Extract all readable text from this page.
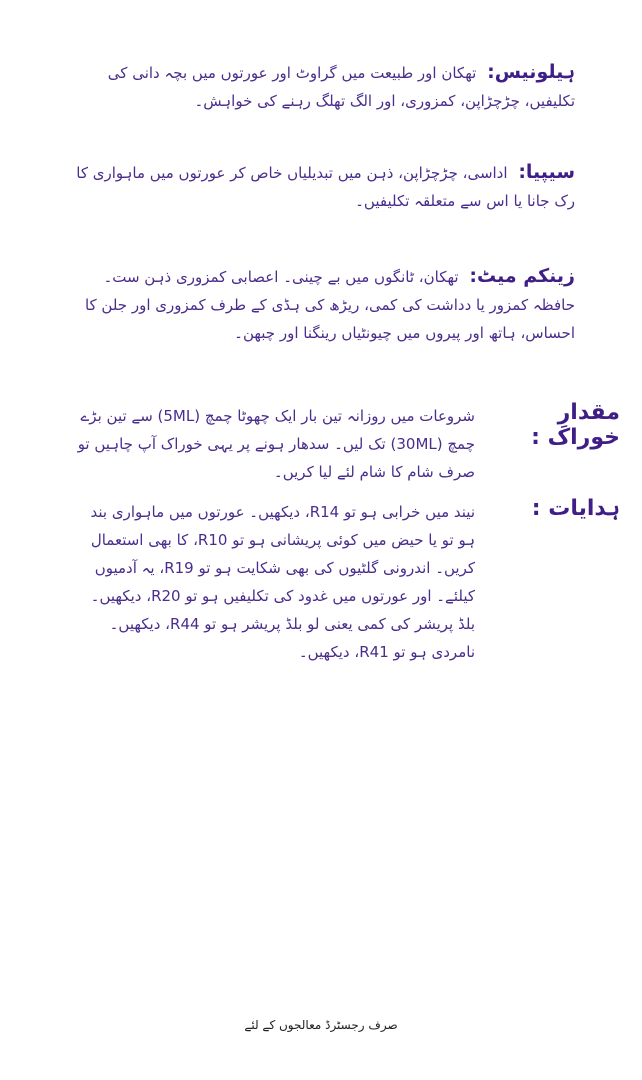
ہیلونیس: تھکان اور طبیعت میں گراوٹ اور عورتوں میں بچہ دانی کی تکلیفیں، چڑچڑاپن، کمزوری، اور الگ تھلگ رہنے کی خواہش۔
سیپیا: اداسی، چڑچڑاپن، ذہن میں تبدیلیاں خاص کر عورتوں میں ماہواری کا رک جانا یا اس سے متعلقہ تکلیفیں۔
زینکم میٹ: تھکان، ٹانگوں میں بے چینی۔ اعصابی کمزوری ذہن ست۔ حافظہ کمزور یا دداشت کی کمی، ریڑھ کی ہڈی کے طرف کمزوری اور جلن کا احساس، ہاتھ اور پیروں میں چیونٹیاں رینگنا اور چبھن۔
مقدارِ خوراک :
شروعات میں روزانہ تین بار ایک چھوٹا چمچ (5ML) سے تین بڑے چمچ (30ML) تک لیں۔ سدھار ہونے پر یہی خوراک آپ چاہیں تو صرف شام کا شام لئے لیا کریں۔
ہدایات :
نیند میں خرابی ہو تو R14، دیکھیں۔ عورتوں میں ماہواری بند ہو تو یا حیض میں کوئی پریشانی ہو تو R10، کا بھی استعمال کریں۔ اندرونی گلٹیوں کی بھی شکایت ہو تو R19، یہ آدمیوں کیلئے۔ اور عورتوں میں غدود کی تکلیفیں ہو تو R20، دیکھیں۔ بلڈ پریشر کی کمی یعنی لو بلڈ پریشر ہو تو R44، دیکھیں۔ نامردی ہو تو R41، دیکھیں۔
صرف رجسٹرڈ معالجوں کے لئے
